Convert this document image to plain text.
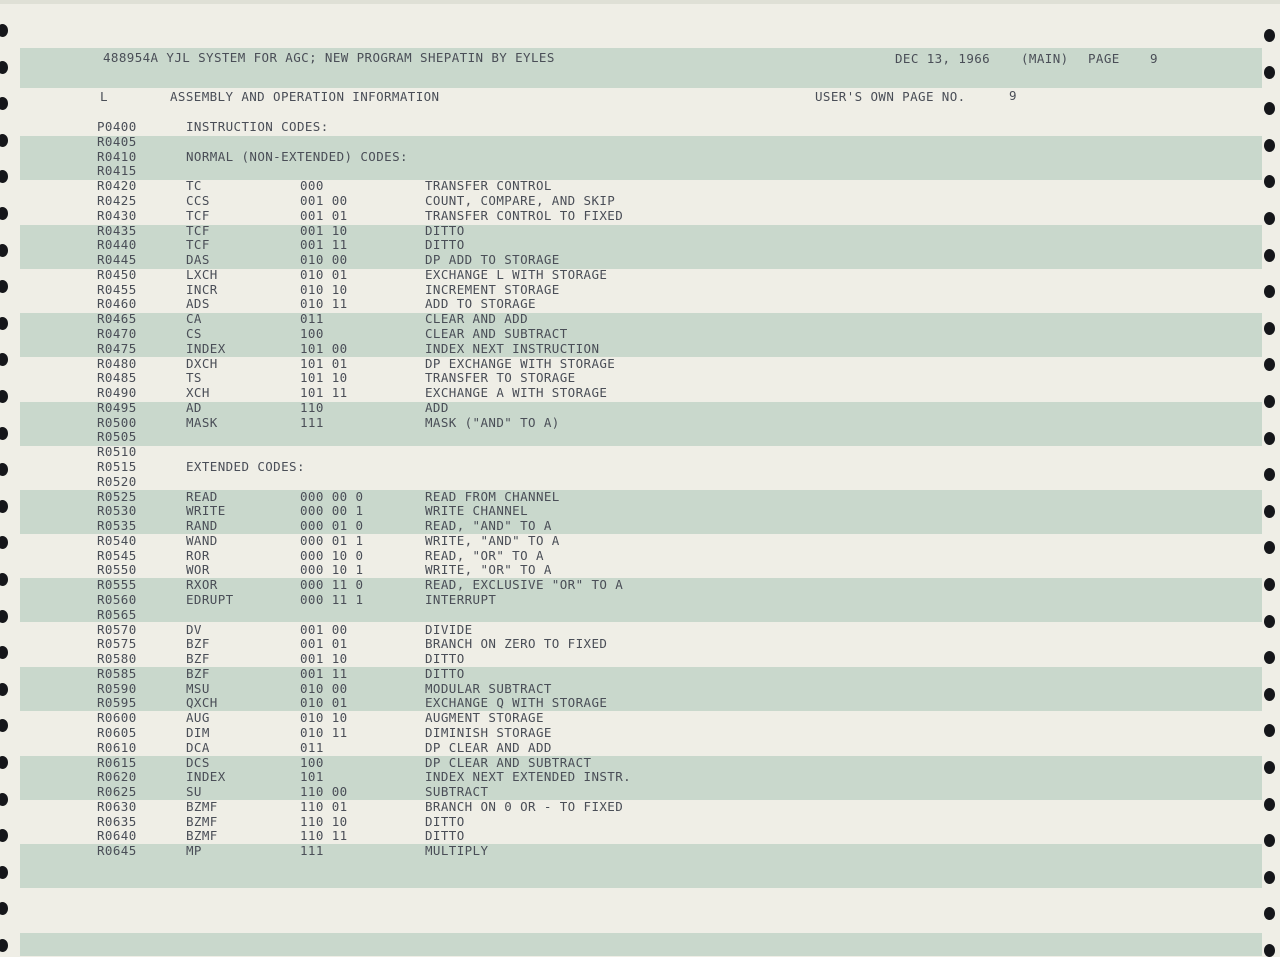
488954A YJL SYSTEM FOR AGC; NEW PROGRAM SHEPATIN BY EYLES	DEC 13, 1966 (MAIN) PAGE 9
L	ASSEMBLY AND OPERATION INFORMATION	USER'S OWN PAGE NO.	9
P0400	INSTRUCTION CODES:
R0405
R0410	NORMAL (NON-EXTENDED) CODES:
R0415
R0420	TC	000	TRANSFER CONTROL
R0425	CCS	001 00	COUNT, COMPARE, AND SKIP
R0430	TCF	001 01	TRANSFER CONTROL TO FIXED
R0435	TCF	001 10	DITTO
R0440	TCF	001 11	DITTO
R0445	DAS	010 00	DP ADD TO STORAGE
R0450	LXCH	010 01	EXCHANGE L WITH STORAGE
R0455	INCR	010 10	INCREMENT STORAGE
R0460	ADS	010 11	ADD TO STORAGE
R0465	CA	011	CLEAR AND ADD
R0470	CS	100	CLEAR AND SUBTRACT
R0475	INDEX	101 00	INDEX NEXT INSTRUCTION
R0480	DXCH	101 01	DP EXCHANGE WITH STORAGE
R0485	TS	101 10	TRANSFER TO STORAGE
R0490	XCH	101 11	EXCHANGE A WITH STORAGE
R0495	AD	110	ADD
R0500	MASK	111	MASK ("AND" TO A)
R0505
R0510
R0515	EXTENDED CODES:
R0520
R0525	READ	000 00 0	READ FROM CHANNEL
R0530	WRITE	000 00 1	WRITE CHANNEL
R0535	RAND	000 01 0	READ, "AND" TO A
R0540	WAND	000 01 1	WRITE, "AND" TO A
R0545	ROR	000 10 0	READ, "OR" TO A
R0550	WOR	000 10 1	WRITE, "OR" TO A
R0555	RXOR	000 11 0	READ, EXCLUSIVE "OR" TO A
R0560	EDRUPT	000 11 1	INTERRUPT
R0565
R0570	DV	001 00	DIVIDE
R0575	BZF	001 01	BRANCH ON ZERO TO FIXED
R0580	BZF	001 10	DITTO
R0585	BZF	001 11	DITTO
R0590	MSU	010 00	MODULAR SUBTRACT
R0595	QXCH	010 01	EXCHANGE Q WITH STORAGE
R0600	AUG	010 10	AUGMENT STORAGE
R0605	DIM	010 11	DIMINISH STORAGE
R0610	DCA	011	DP CLEAR AND ADD
R0615	DCS	100	DP CLEAR AND SUBTRACT
R0620	INDEX	101	INDEX NEXT EXTENDED INSTR.
R0625	SU	110 00	SUBTRACT
R0630	BZMF	110 01	BRANCH ON 0 OR - TO FIXED
R0635	BZMF	110 10	DITTO
R0640	BZMF	110 11	DITTO
R0645	MP	111	MULTIPLY
